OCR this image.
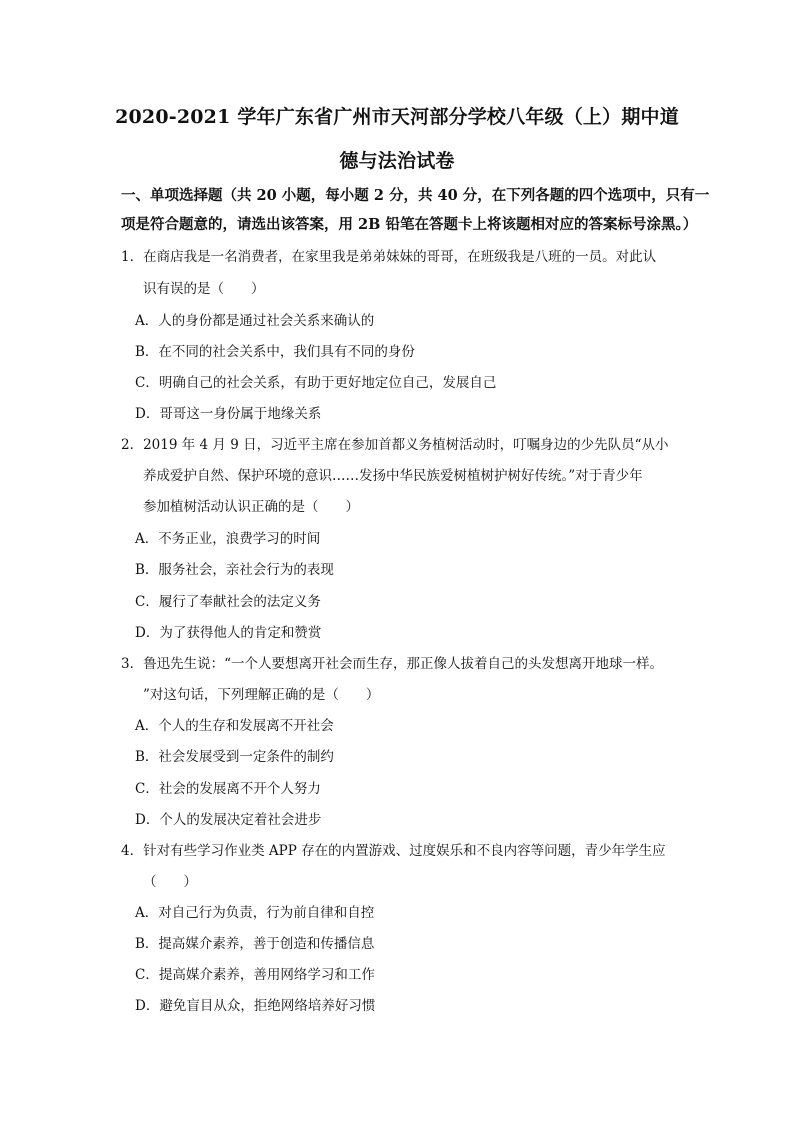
2020-2021 学年广东省广州市天河部分学校八年级（上）期中道
德与法治试卷
一、单项选择题（共 20 小题，每小题 2 分，共 40 分，在下列各题的四个选项中，只有一
项是符合题意的，请选出该答案，用 2B 铅笔在答题卡上将该题相对应的答案标号涂黑。）
1．在商店我是一名消费者，在家里我是弟弟妹妹的哥哥，在班级我是八班的一员。对此认
识有误的是（　　）
A．人的身份都是通过社会关系来确认的
B．在不同的社会关系中，我们具有不同的身份
C．明确自己的社会关系，有助于更好地定位自己，发展自己
D．哥哥这一身份属于地缘关系
2．2019 年 4 月 9 日，习近平主席在参加首都义务植树活动时，叮嘱身边的少先队员“从小
养成爱护自然、保护环境的意识……发扬中华民族爱树植树护树好传统。”对于青少年
参加植树活动认识正确的是（　　）
A．不务正业，浪费学习的时间
B．服务社会，亲社会行为的表现
C．履行了奉献社会的法定义务
D．为了获得他人的肯定和赞赏
3．鲁迅先生说：“一个人要想离开社会而生存，那正像人拔着自己的头发想离开地球一样。
”对这句话，下列理解正确的是（　　）
A．个人的生存和发展离不开社会
B．社会发展受到一定条件的制约
C．社会的发展离不开个人努力
D．个人的发展决定着社会进步
4．针对有些学习作业类 APP 存在的内置游戏、过度娱乐和不良内容等问题，青少年学生应
（　　）
A．对自己行为负责，行为前自律和自控
B．提高媒介素养，善于创造和传播信息
C．提高媒介素养，善用网络学习和工作
D．避免盲目从众，拒绝网络培养好习惯
